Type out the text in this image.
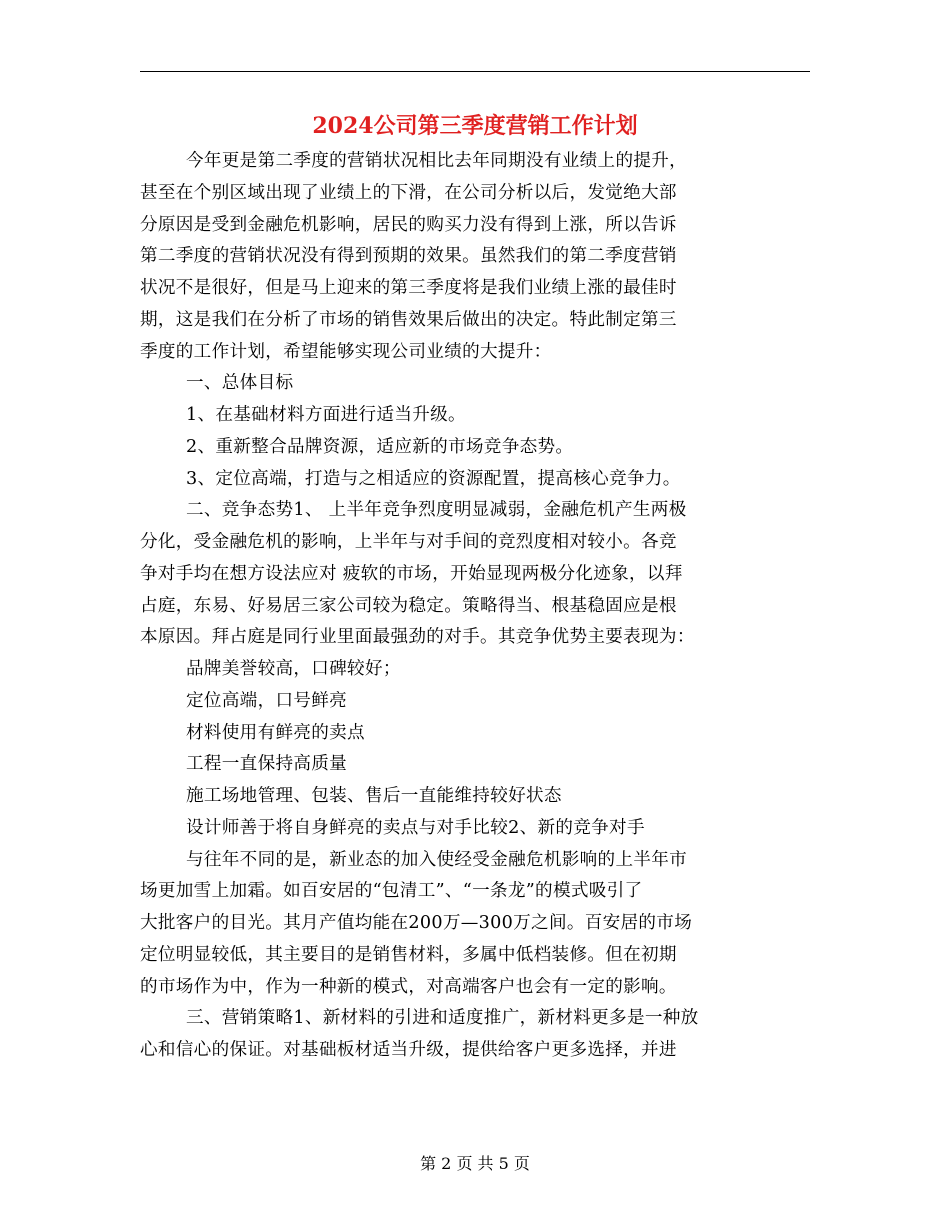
2024公司第三季度营销工作计划
今年更是第二季度的营销状况相比去年同期没有业绩上的提升，
甚至在个别区域出现了业绩上的下滑，在公司分析以后，发觉绝大部
分原因是受到金融危机影响，居民的购买力没有得到上涨，所以告诉
第二季度的营销状况没有得到预期的效果。虽然我们的第二季度营销
状况不是很好，但是马上迎来的第三季度将是我们业绩上涨的最佳时
期，这是我们在分析了市场的销售效果后做出的决定。特此制定第三
季度的工作计划，希望能够实现公司业绩的大提升：
一、总体目标
1、在基础材料方面进行适当升级。
2、重新整合品牌资源，适应新的市场竞争态势。
3、定位高端，打造与之相适应的资源配置，提高核心竞争力。
二、竞争态势1、 上半年竞争烈度明显减弱，金融危机产生两极
分化，受金融危机的影响，上半年与对手间的竞烈度相对较小。各竞
争对手均在想方设法应对 疲软的市场，开始显现两极分化迹象，以拜
占庭，东易、好易居三家公司较为稳定。策略得当、根基稳固应是根
本原因。拜占庭是同行业里面最强劲的对手。其竞争优势主要表现为：
品牌美誉较高，口碑较好；
定位高端，口号鲜亮
材料使用有鲜亮的卖点
工程一直保持高质量
施工场地管理、包装、售后一直能维持较好状态
设计师善于将自身鲜亮的卖点与对手比较2、新的竞争对手
与往年不同的是，新业态的加入使经受金融危机影响的上半年市
场更加雪上加霜。如百安居的“包清工”、“一条龙”的模式吸引了
大批客户的目光。其月产值均能在200万—300万之间。百安居的市场
定位明显较低，其主要目的是销售材料，多属中低档装修。但在初期
的市场作为中，作为一种新的模式，对高端客户也会有一定的影响。
三、营销策略1、新材料的引进和适度推广，新材料更多是一种放
心和信心的保证。对基础板材适当升级，提供给客户更多选择，并进
第 2 页 共 5 页
